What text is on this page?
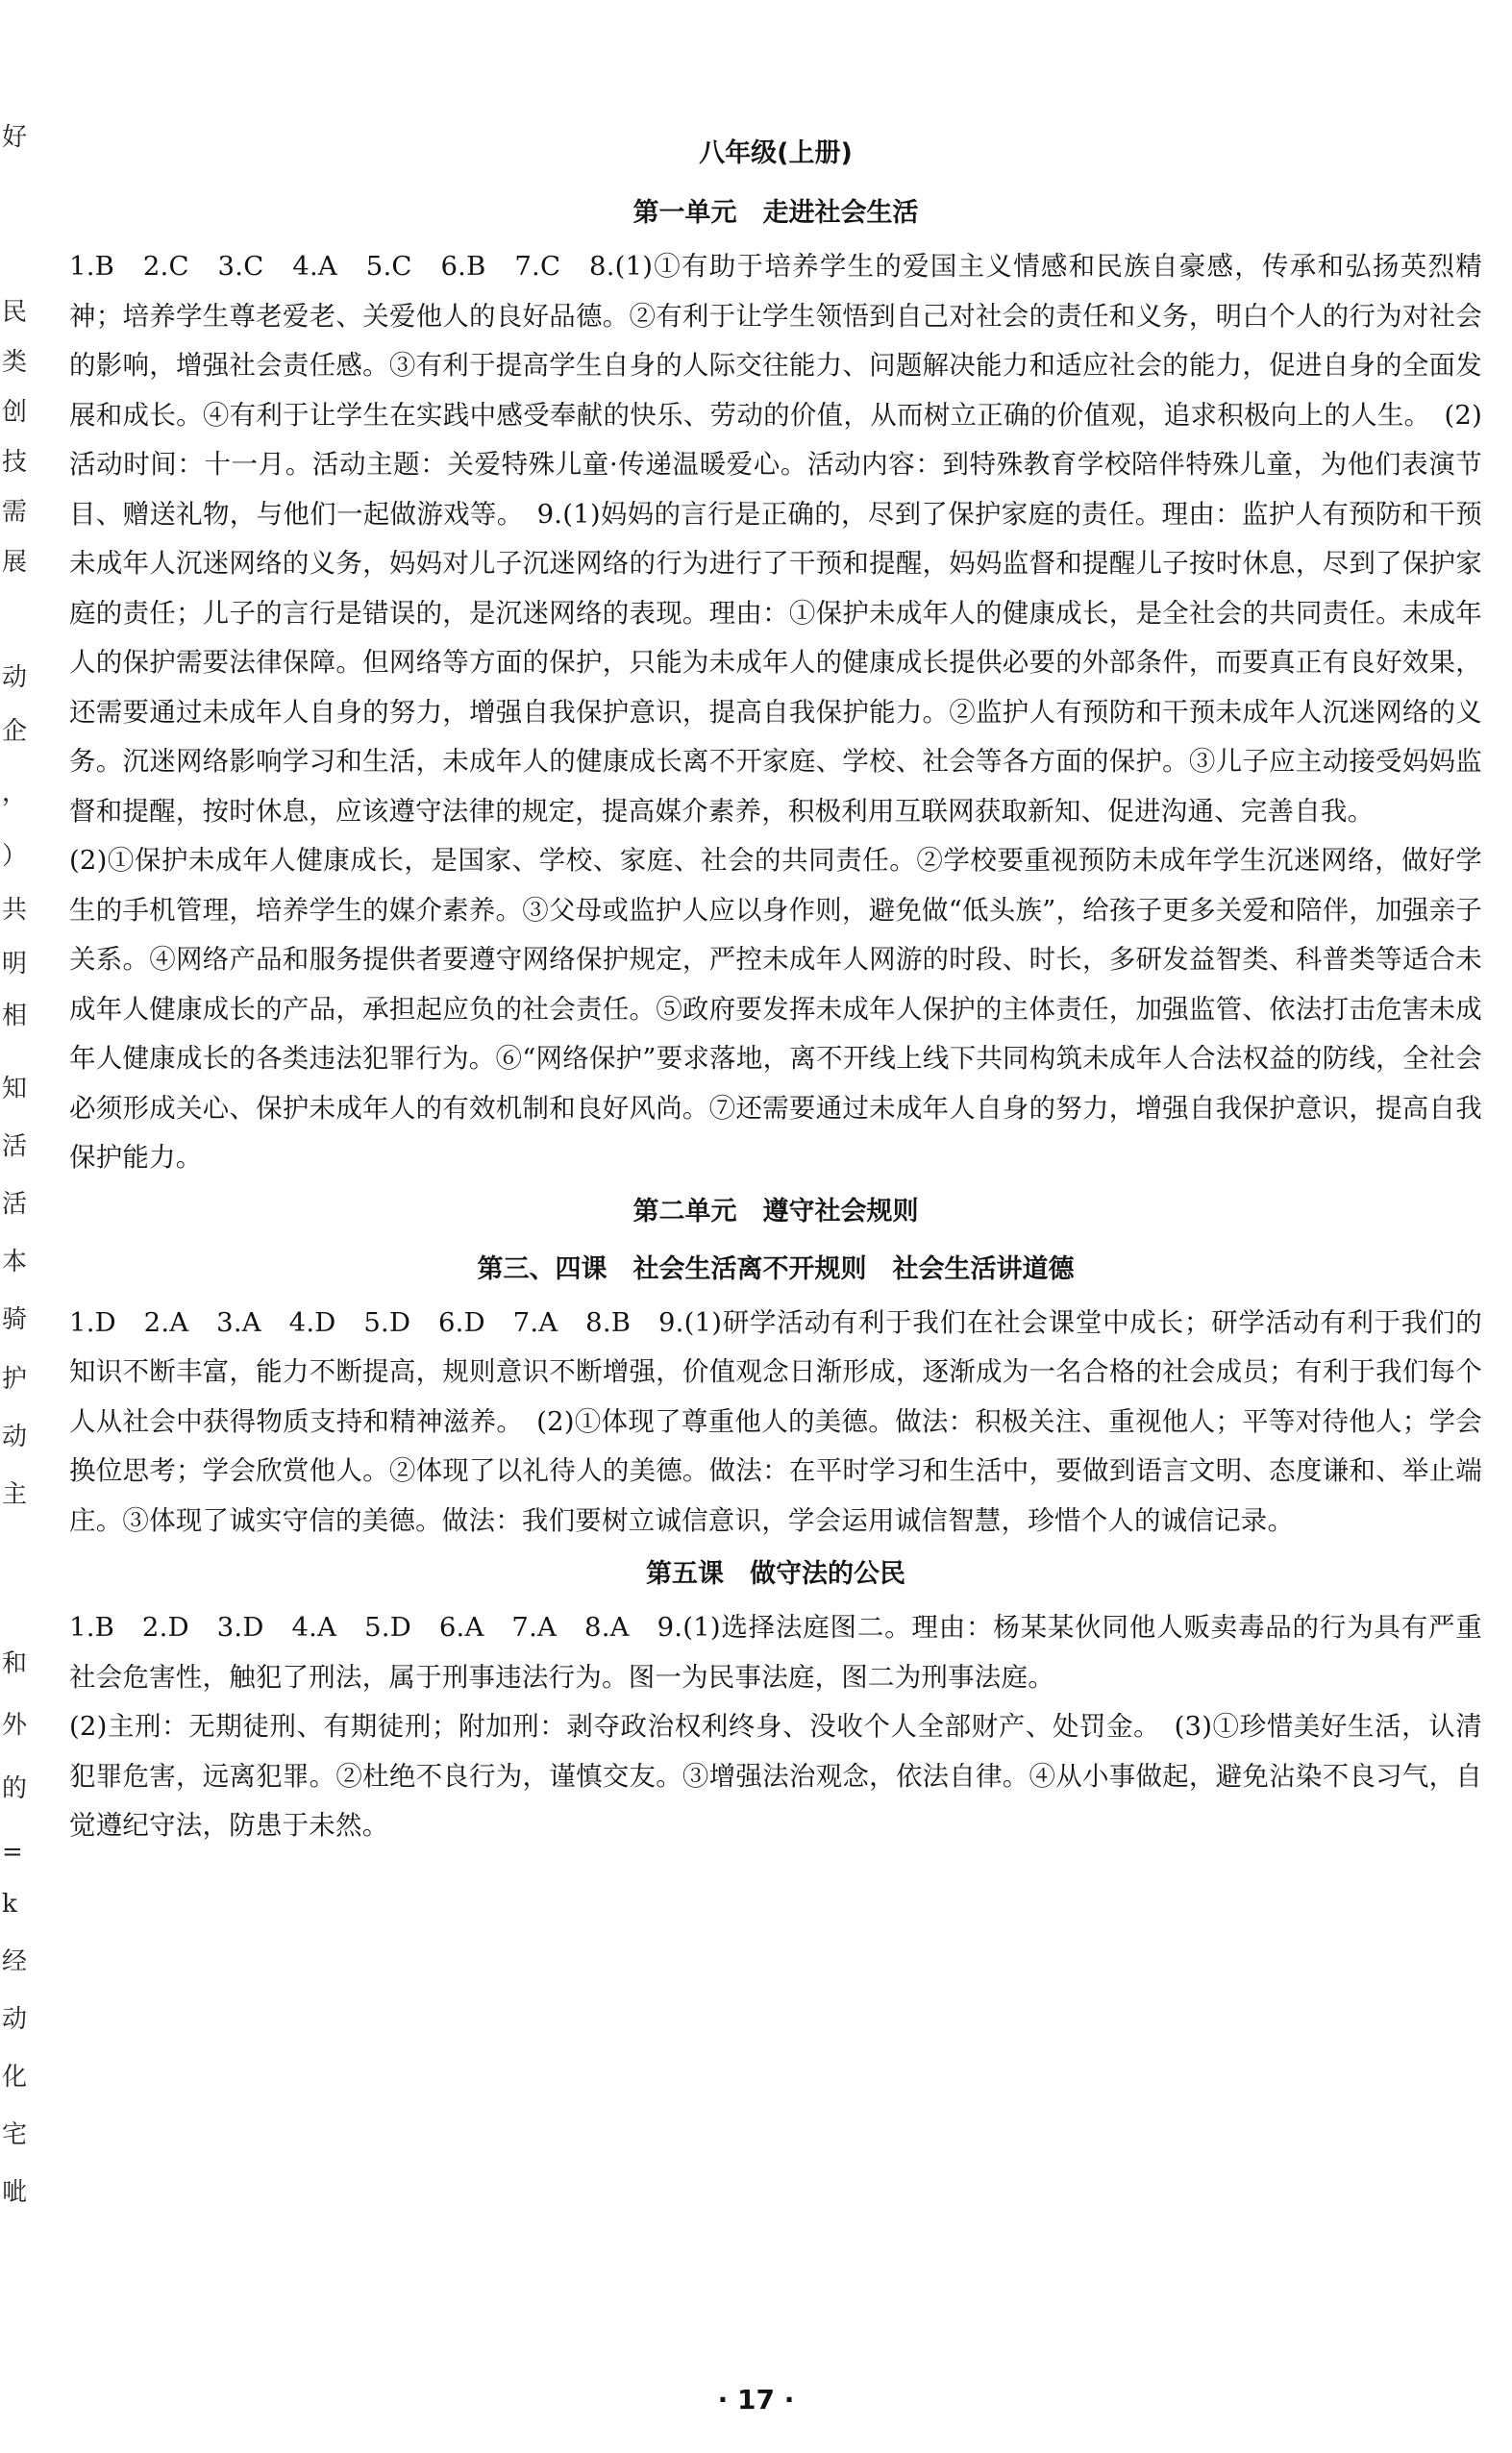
好
民
类
创
技
需
展
动
企
，
）
共
明
相
知
活
活
本
骑
护
动
主
和
外
的
=
k
经
动
化
宅
呲
八年级(上册)
第一单元　走进社会生活

1.B　2.C　3.C　4.A　5.C　6.B　7.C　8.(1)①有助于培养学生的爱国主义情感和民族自豪感，传承和弘扬英烈精神；培养学生尊老爱老、关爱他人的良好品德。②有利于让学生领悟到自己对社会的责任和义务，明白个人的行为对社会的影响，增强社会责任感。③有利于提高学生自身的人际交往能力、问题解决能力和适应社会的能力，促进自身的全面发展和成长。④有利于让学生在实践中感受奉献的快乐、劳动的价值，从而树立正确的价值观，追求积极向上的人生。　(2)活动时间：十一月。活动主题：关爱特殊儿童·传递温暖爱心。活动内容：到特殊教育学校陪伴特殊儿童，为他们表演节目、赠送礼物，与他们一起做游戏等。　9.(1)妈妈的言行是正确的，尽到了保护家庭的责任。理由：监护人有预防和干预未成年人沉迷网络的义务，妈妈对儿子沉迷网络的行为进行了干预和提醒，妈妈监督和提醒儿子按时休息，尽到了保护家庭的责任；儿子的言行是错误的，是沉迷网络的表现。理由：①保护未成年人的健康成长，是全社会的共同责任。未成年人的保护需要法律保障。但网络等方面的保护，只能为未成年人的健康成长提供必要的外部条件，而要真正有良好效果，还需要通过未成年人自身的努力，增强自我保护意识，提高自我保护能力。②监护人有预防和干预未成年人沉迷网络的义务。沉迷网络影响学习和生活，未成年人的健康成长离不开家庭、学校、社会等各方面的保护。③儿子应主动接受妈妈监督和提醒，按时休息，应该遵守法律的规定，提高媒介素养，积极利用互联网获取新知、促进沟通、完善自我。

(2)①保护未成年人健康成长，是国家、学校、家庭、社会的共同责任。②学校要重视预防未成年学生沉迷网络，做好学生的手机管理，培养学生的媒介素养。③父母或监护人应以身作则，避免做“低头族”，给孩子更多关爱和陪伴，加强亲子关系。④网络产品和服务提供者要遵守网络保护规定，严控未成年人网游的时段、时长，多研发益智类、科普类等适合未成年人健康成长的产品，承担起应负的社会责任。⑤政府要发挥未成年人保护的主体责任，加强监管、依法打击危害未成年人健康成长的各类违法犯罪行为。⑥“网络保护”要求落地，离不开线上线下共同构筑未成年人合法权益的防线，全社会必须形成关心、保护未成年人的有效机制和良好风尚。⑦还需要通过未成年人自身的努力，增强自我保护意识，提高自我保护能力。

第二单元　遵守社会规则
第三、四课　社会生活离不开规则　社会生活讲道德

1.D　2.A　3.A　4.D　5.D　6.D　7.A　8.B　9.(1)研学活动有利于我们在社会课堂中成长；研学活动有利于我们的知识不断丰富，能力不断提高，规则意识不断增强，价值观念日渐形成，逐渐成为一名合格的社会成员；有利于我们每个人从社会中获得物质支持和精神滋养。　(2)①体现了尊重他人的美德。做法：积极关注、重视他人；平等对待他人；学会换位思考；学会欣赏他人。②体现了以礼待人的美德。做法：在平时学习和生活中，要做到语言文明、态度谦和、举止端庄。③体现了诚实守信的美德。做法：我们要树立诚信意识，学会运用诚信智慧，珍惜个人的诚信记录。

第五课　做守法的公民

1.B　2.D　3.D　4.A　5.D　6.A　7.A　8.A　9.(1)选择法庭图二。理由：杨某某伙同他人贩卖毒品的行为具有严重社会危害性，触犯了刑法，属于刑事违法行为。图一为民事法庭，图二为刑事法庭。

(2)主刑：无期徒刑、有期徒刑；附加刑：剥夺政治权利终身、没收个人全部财产、处罚金。　(3)①珍惜美好生活，认清犯罪危害，远离犯罪。②杜绝不良行为，谨慎交友。③增强法治观念，依法自律。④从小事做起，避免沾染不良习气，自觉遵纪守法，防患于未然。

· 17 ·
